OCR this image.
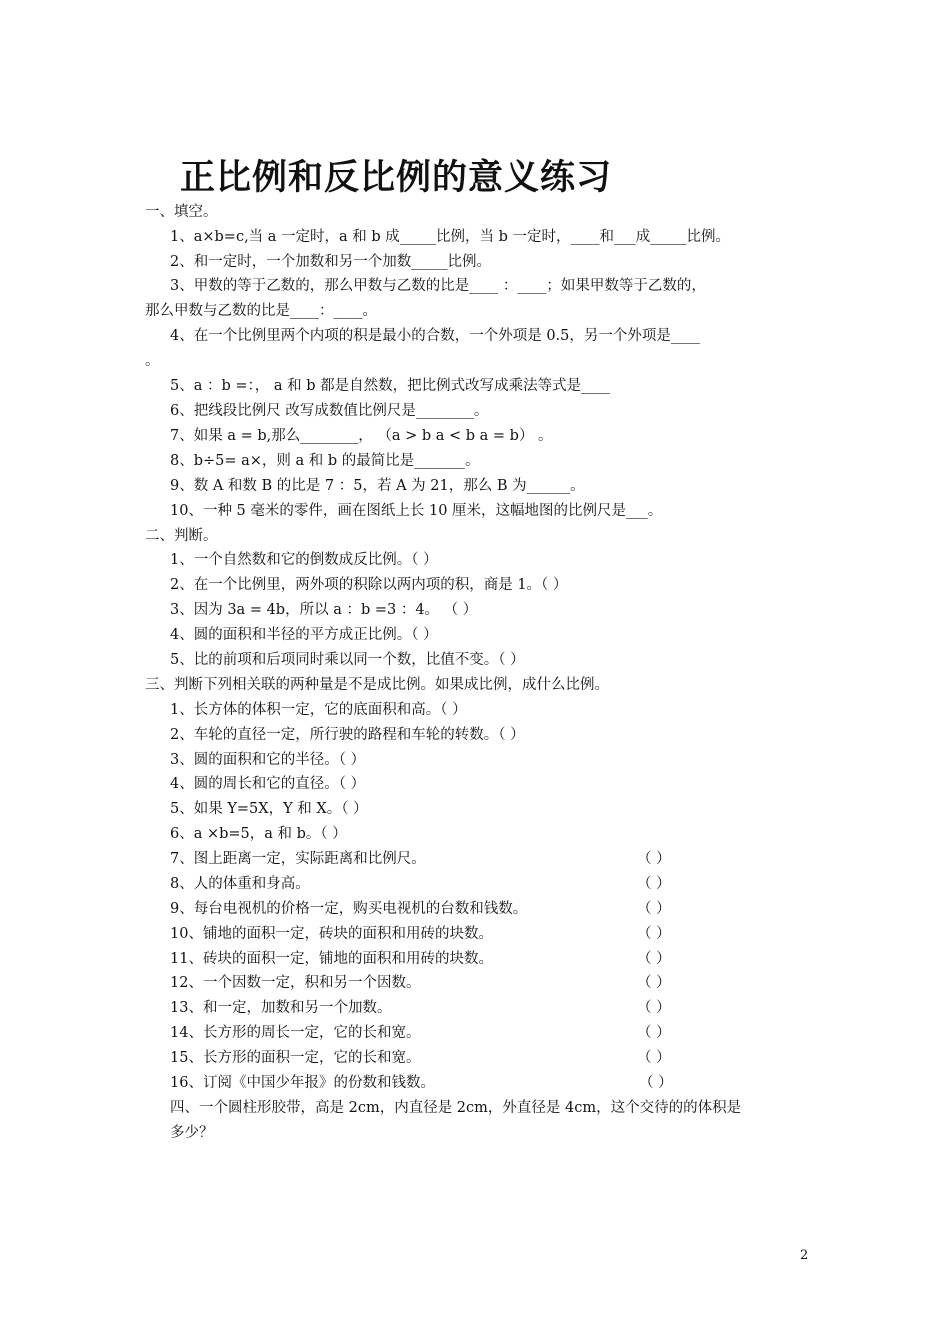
正比例和反比例的意义练习
一、填空。
1、a×b=c,当 a 一定时，a 和 b 成_____比例，当 b 一定时，____和___成_____比例。
2、和一定时，一个加数和另一个加数_____比例。
3、甲数的等于乙数的，那么甲数与乙数的比是____ ：____；如果甲数等于乙数的，
那么甲数与乙数的比是____：____。
4、在一个比例里两个内项的积是最小的合数，一个外项是 0.5，另一个外项是____
。
5、a ：b =：， a 和 b 都是自然数，把比例式改写成乘法等式是____
6、把线段比例尺 改写成数值比例尺是________。
7、如果 a = b,那么________， （a > b a < b a = b） 。
8、b÷5= a×，则 a 和 b 的最简比是_______。
9、数 A 和数 B 的比是 7 ：5，若 A 为 21，那么 B 为______。
10、一种 5 毫米的零件，画在图纸上长 10 厘米，这幅地图的比例尺是___。
二、判断。
1、一个自然数和它的倒数成反比例。（ ）
2、在一个比例里，两外项的积除以两内项的积，商是 1。（ ）
3、因为 3a = 4b，所以 a ：b =3 ：4。 （ ）
4、圆的面积和半径的平方成正比例。（ ）
5、比的前项和后项同时乘以同一个数，比值不变。（ ）
三、判断下列相关联的两种量是不是成比例。如果成比例，成什么比例。
1、长方体的体积一定，它的底面积和高。（ ）
2、车轮的直径一定，所行驶的路程和车轮的转数。（ ）
3、圆的面积和它的半径。（ ）
4、圆的周长和它的直径。（ ）
5、如果 Y=5X，Y 和 X。（ ）
6、a ×b=5，a 和 b。（ ）
7、图上距离一定，实际距离和比例尺。	（ ）
8、人的体重和身高。	（ ）
9、每台电视机的价格一定，购买电视机的台数和钱数。	（ ）
10、铺地的面积一定，砖块的面积和用砖的块数。	（ ）
11、砖块的面积一定，铺地的面积和用砖的块数。	（ ）
12、一个因数一定，积和另一个因数。	（ ）
13、和一定，加数和另一个加数。	（ ）
14、长方形的周长一定，它的长和宽。	（ ）
15、长方形的面积一定，它的长和宽。	（ ）
16、订阅《中国少年报》的份数和钱数。	（ ）
四、一个圆柱形胶带，高是 2cm，内直径是 2cm，外直径是 4cm，这个交待的的体积是
多少？
2
